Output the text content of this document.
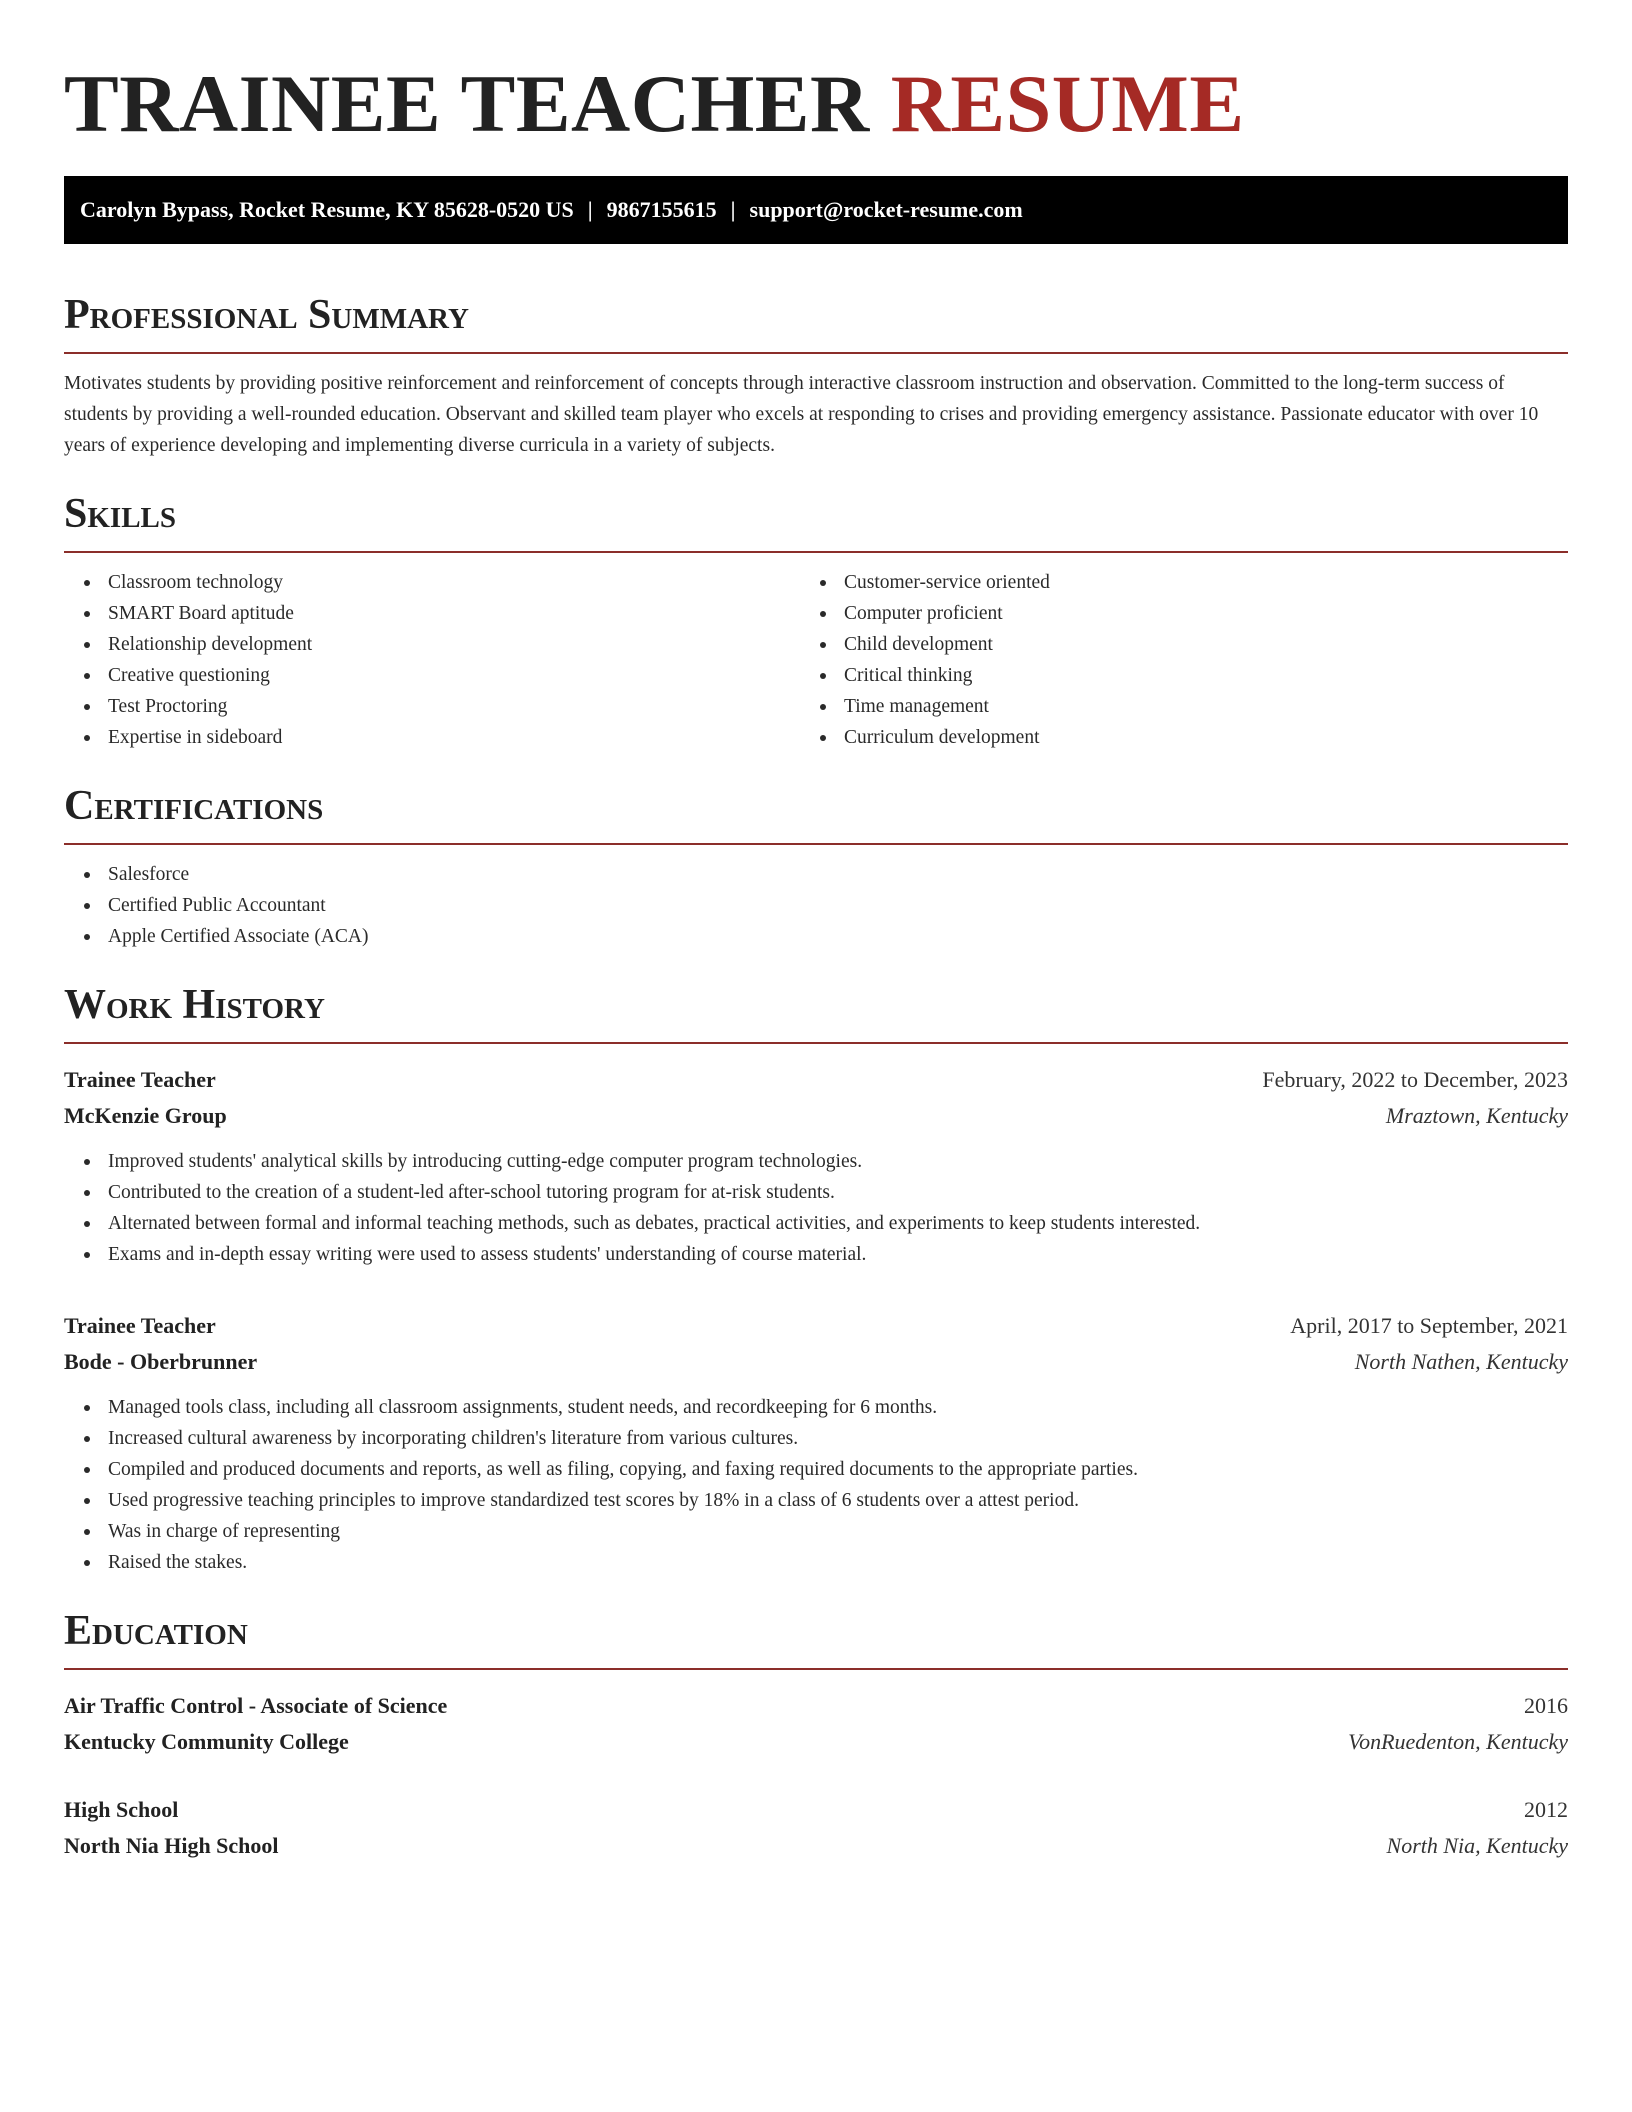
TRAINEE TEACHER RESUME
Carolyn Bypass, Rocket Resume, KY 85628-0520 US | 9867155615 | support@rocket-resume.com
Professional Summary

Motivates students by providing positive reinforcement and reinforcement of concepts through interactive classroom instruction and observation. Committed to the long-term success of students by providing a well-rounded education. Observant and skilled team player who excels at responding to crises and providing emergency assistance. Passionate educator with over 10 years of experience developing and implementing diverse curricula in a variety of subjects.

Skills
Classroom technology
SMART Board aptitude
Relationship development
Creative questioning
Test Proctoring
Expertise in sideboard
Customer-service oriented
Computer proficient
Child development
Critical thinking
Time management
Curriculum development
Certifications
Salesforce
Certified Public Accountant
Apple Certified Associate (ACA)
Work History
Trainee Teacher	February, 2022 to December, 2023
McKenzie Group	Mraztown, Kentucky
Improved students' analytical skills by introducing cutting-edge computer program technologies.
Contributed to the creation of a student-led after-school tutoring program for at-risk students.
Alternated between formal and informal teaching methods, such as debates, practical activities, and experiments to keep students interested.
Exams and in-depth essay writing were used to assess students' understanding of course material.
Trainee Teacher	April, 2017 to September, 2021
Bode - Oberbrunner	North Nathen, Kentucky
Managed tools class, including all classroom assignments, student needs, and recordkeeping for 6 months.
Increased cultural awareness by incorporating children's literature from various cultures.
Compiled and produced documents and reports, as well as filing, copying, and faxing required documents to the appropriate parties.
Used progressive teaching principles to improve standardized test scores by 18% in a class of 6 students over a attest period.
Was in charge of representing
Raised the stakes.
Education
Air Traffic Control - Associate of Science	2016
Kentucky Community College	VonRuedenton, Kentucky
High School	2012
North Nia High School	North Nia, Kentucky
